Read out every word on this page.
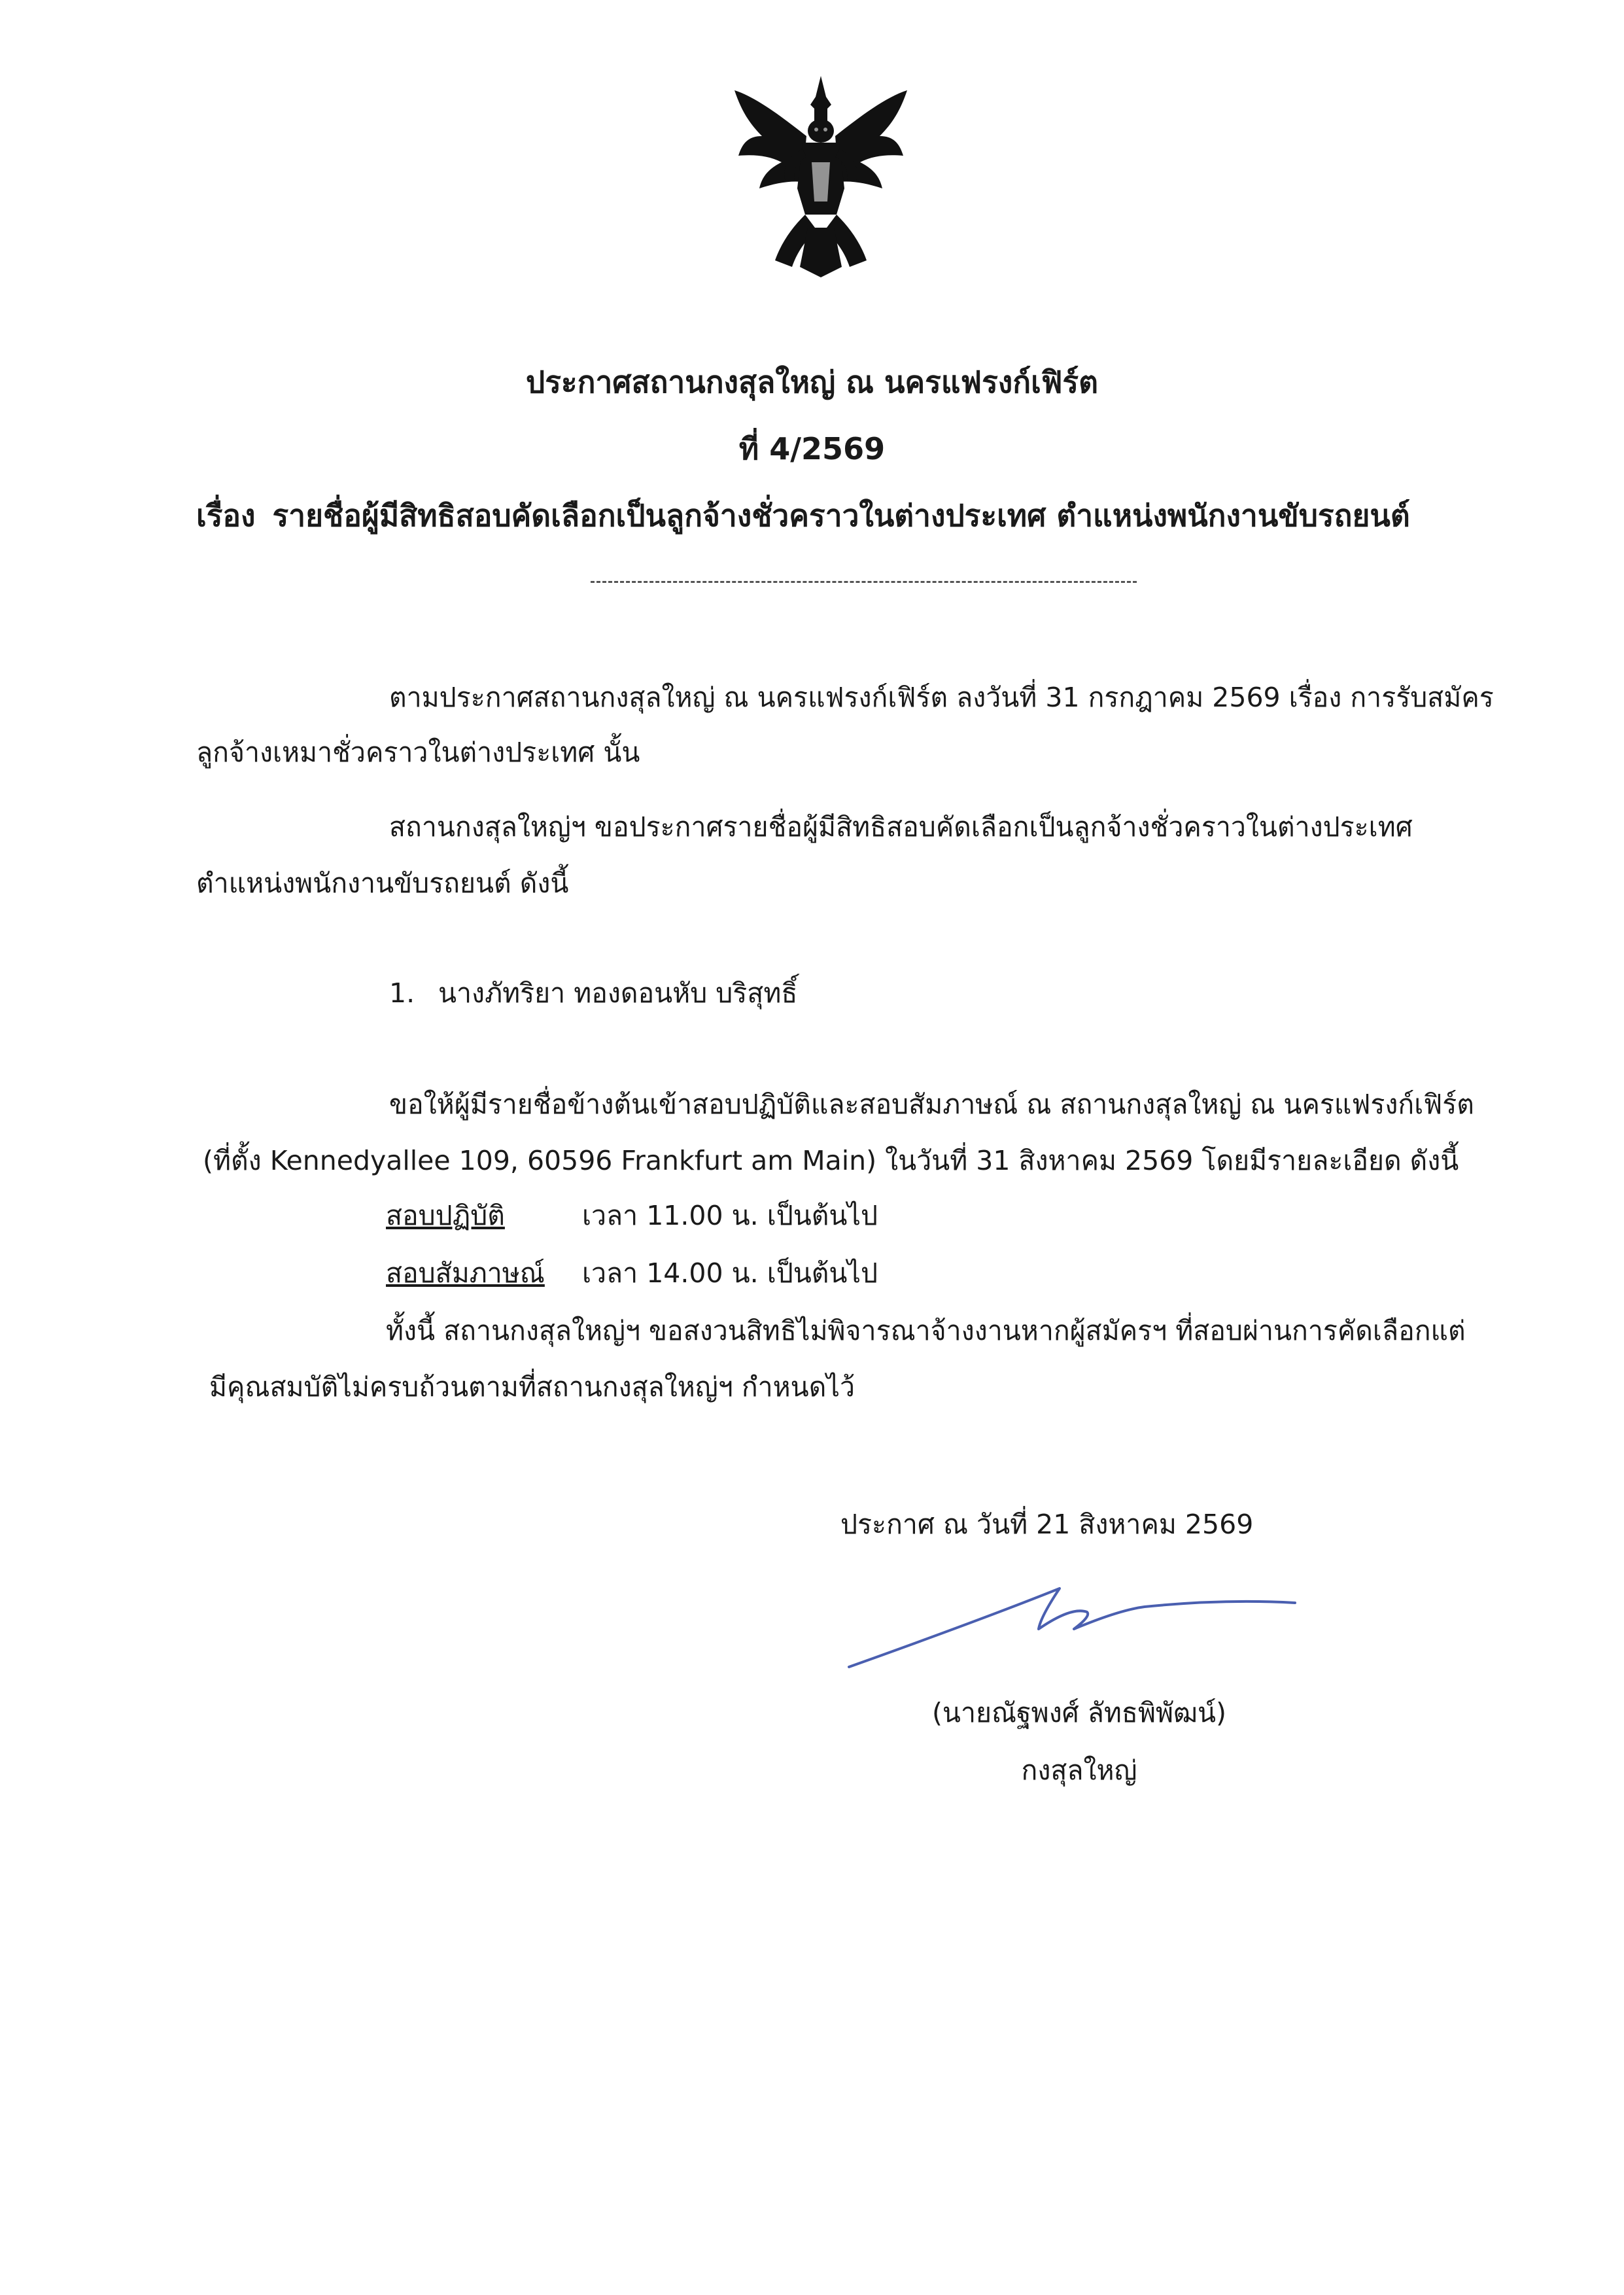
ประกาศสถานกงสุลใหญ่ ณ นครแฟรงก์เฟิร์ต
ที่ 4/2569
เรื่อง รายชื่อผู้มีสิทธิสอบคัดเลือกเป็นลูกจ้างชั่วคราวในต่างประเทศ ตำแหน่งพนักงานขับรถยนต์
ตามประกาศสถานกงสุลใหญ่ ณ นครแฟรงก์เฟิร์ต ลงวันที่ 31 กรกฎาคม 2569 เรื่อง การรับสมัคร
ลูกจ้างเหมาชั่วคราวในต่างประเทศ นั้น
สถานกงสุลใหญ่ฯ ขอประกาศรายชื่อผู้มีสิทธิสอบคัดเลือกเป็นลูกจ้างชั่วคราวในต่างประเทศ
ตำแหน่งพนักงานขับรถยนต์ ดังนี้
1. นางภัทริยา ทองดอนหับ บริสุทธิ์
ขอให้ผู้มีรายชื่อข้างต้นเข้าสอบปฏิบัติและสอบสัมภาษณ์ ณ สถานกงสุลใหญ่ ณ นครแฟรงก์เฟิร์ต
(ที่ตั้ง Kennedyallee 109, 60596 Frankfurt am Main) ในวันที่ 31 สิงหาคม 2569 โดยมีรายละเอียด ดังนี้
สอบปฏิบัติ	เวลา 11.00 น. เป็นต้นไป
สอบสัมภาษณ์ เวลา 14.00 น. เป็นต้นไป
ทั้งนี้ สถานกงสุลใหญ่ฯ ขอสงวนสิทธิไม่พิจารณาจ้างงานหากผู้สมัครฯ ที่สอบผ่านการคัดเลือกแต่
มีคุณสมบัติไม่ครบถ้วนตามที่สถานกงสุลใหญ่ฯ กำหนดไว้
ประกาศ ณ วันที่ 21 สิงหาคม 2569
(นายณัฐพงศ์ ลัทธพิพัฒน์)
กงสุลใหญ่
